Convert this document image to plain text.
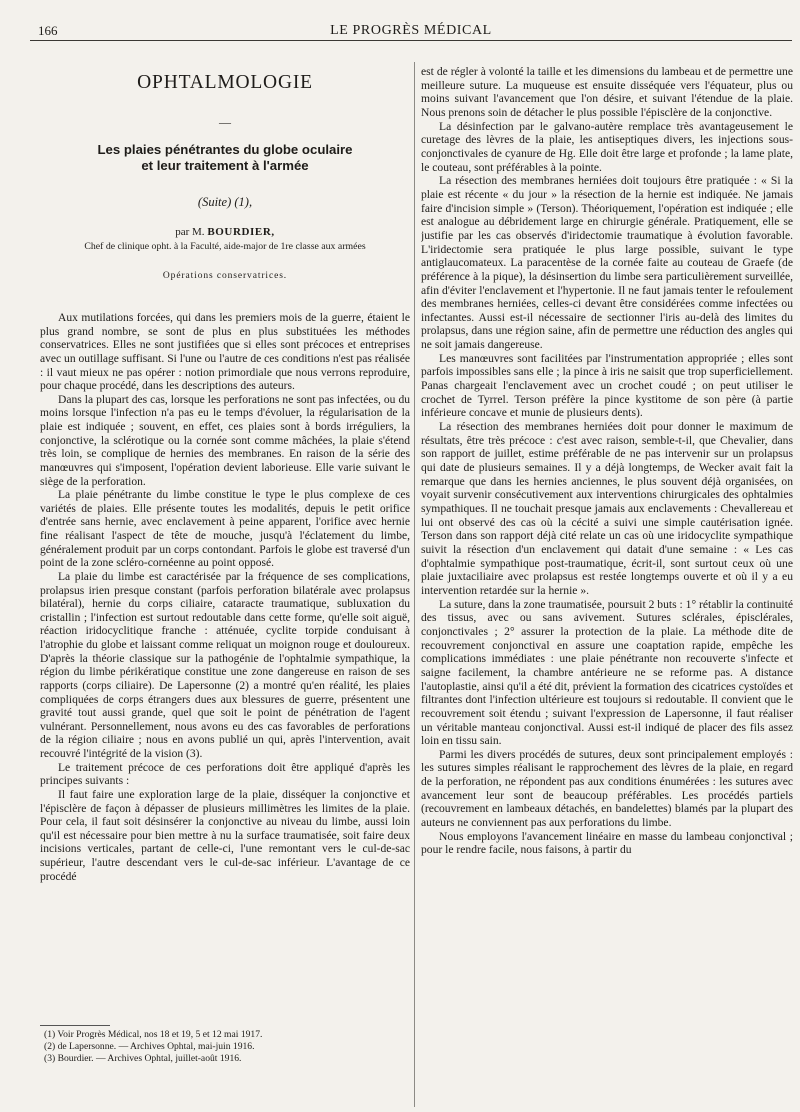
166	LE PROGRÈS MÉDICAL
OPHTALMOLOGIE
—
Les plaies pénétrantes du globe oculaire
et leur traitement à l'armée
(Suite) (1),
par M. BOURDIER,
Chef de clinique opht. à la Faculté, aide-major de 1re classe aux armées
Opérations conservatrices.

Aux mutilations forcées, qui dans les premiers mois de la guerre, étaient le plus grand nombre, se sont de plus en plus substituées les méthodes conservatrices. Elles ne sont justifiées que si elles sont précoces et entreprises avec un outillage suffisant. Si l'une ou l'autre de ces conditions n'est pas réalisée : il vaut mieux ne pas opérer : notion primordiale que nous verrons reproduire, pour chaque procédé, dans les descriptions des auteurs.

Dans la plupart des cas, lorsque les perforations ne sont pas infectées, ou du moins lorsque l'infection n'a pas eu le temps d'évoluer, la régularisation de la plaie est indiquée ; souvent, en effet, ces plaies sont à bords irréguliers, la conjonctive, la sclérotique ou la cornée sont comme mâchées, la plaie s'étend très loin, se complique de hernies des membranes. En raison de la série des manœuvres qui s'imposent, l'opération devient laborieuse. Elle varie suivant le siège de la perforation.

La plaie pénétrante du limbe constitue le type le plus complexe de ces variétés de plaies. Elle présente toutes les modalités, depuis le petit orifice d'entrée sans hernie, avec enclavement à peine apparent, l'orifice avec hernie fine réalisant l'aspect de tête de mouche, jusqu'à l'éclatement du limbe, généralement produit par un corps contondant. Parfois le globe est traversé d'un point de la zone scléro-cornéenne au point opposé.

La plaie du limbe est caractérisée par la fréquence de ses complications, prolapsus irien presque constant (parfois perforation bilatérale avec prolapsus bilatéral), hernie du corps ciliaire, cataracte traumatique, subluxation du cristallin ; l'infection est surtout redoutable dans cette forme, qu'elle soit aiguë, réaction iridocyclitique franche : atténuée, cyclite torpide conduisant à l'atrophie du globe et laissant comme reliquat un moignon rouge et douloureux. D'après la théorie classique sur la pathogénie de l'ophtalmie sympathique, la région du limbe périkératique constitue une zone dangereuse en raison de ses rapports (corps ciliaire). De Lapersonne (2) a montré qu'en réalité, les plaies compliquées de corps étrangers dues aux blessures de guerre, présentent une gravité tout aussi grande, quel que soit le point de pénétration de l'agent vulnérant. Personnellement, nous avons eu des cas favorables de perforations de la région ciliaire ; nous en avons publié un qui, après l'intervention, avait recouvré l'intégrité de la vision (3).

Le traitement précoce de ces perforations doit être appliqué d'après les principes suivants :

Il faut faire une exploration large de la plaie, disséquer la conjonctive et l'épisclère de façon à dépasser de plusieurs millimètres les limites de la plaie. Pour cela, il faut soit désinsérer la conjonctive au niveau du limbe, aussi loin qu'il est nécessaire pour bien mettre à nu la surface traumatisée, soit faire deux incisions verticales, partant de celle-ci, l'une remontant vers le cul-de-sac supérieur, l'autre descendant vers le cul-de-sac inférieur. L'avantage de ce procédé

est de régler à volonté la taille et les dimensions du lambeau et de permettre une meilleure suture. La muqueuse est ensuite disséquée vers l'équateur, plus ou moins suivant l'avancement que l'on désire, et suivant l'étendue de la plaie. Nous prenons soin de détacher le plus possible l'épisclère de la conjonctive.

La désinfection par le galvano-autère remplace très avantageusement le curetage des lèvres de la plaie, les antiseptiques divers, les injections sous-conjonctivales de cyanure de Hg. Elle doit être large et profonde ; la lame plate, le couteau, sont préférables à la pointe.

La résection des membranes herniées doit toujours être pratiquée : « Si la plaie est récente « du jour » la résection de la hernie est indiquée. Ne jamais faire d'incision simple » (Terson). Théoriquement, l'opération est indiquée ; elle est analogue au débridement large en chirurgie générale. Pratiquement, elle se justifie par les cas observés d'iridectomie traumatique à évolution favorable. L'iridectomie sera pratiquée le plus large possible, suivant le type antiglaucomateux. La paracentèse de la cornée faite au couteau de Graefe (de préférence à la pique), la désinsertion du limbe sera particulièrement surveillée, afin d'éviter l'enclavement et l'hypertonie. Il ne faut jamais tenter le refoulement des membranes herniées, celles-ci devant être considérées comme infectées ou infectantes. Aussi est-il nécessaire de sectionner l'iris au-delà des limites du prolapsus, dans une région saine, afin de permettre une réduction des angles qui ne soit jamais dangereuse.

Les manœuvres sont facilitées par l'instrumentation appropriée ; elles sont parfois impossibles sans elle ; la pince à iris ne saisit que trop superficiellement. Panas chargeait l'enclavement avec un crochet coudé ; on peut utiliser le crochet de Tyrrel. Terson préfère la pince kystitome de son père (à partie inférieure concave et munie de plusieurs dents).

La résection des membranes herniées doit pour donner le maximum de résultats, être très précoce : c'est avec raison, semble-t-il, que Chevalier, dans son rapport de juillet, estime préférable de ne pas intervenir sur un prolapsus qui date de plusieurs semaines. Il y a déjà longtemps, de Wecker avait fait la remarque que dans les hernies anciennes, le plus souvent déjà organisées, on voyait survenir consécutivement aux interventions chirurgicales des ophtalmies sympathiques. Il ne touchait presque jamais aux enclavements : Chevallereau et lui ont observé des cas où la cécité a suivi une simple cautérisation ignée. Terson dans son rapport déjà cité relate un cas où une iridocyclite sympathique suivit la résection d'un enclavement qui datait d'une semaine : « Les cas d'ophtalmie sympathique post-traumatique, écrit-il, sont surtout ceux où une plaie juxtaciliaire avec prolapsus est restée longtemps ouverte et où il y a eu intervention retardée sur la hernie ».

La suture, dans la zone traumatisée, poursuit 2 buts : 1° rétablir la continuité des tissus, avec ou sans avivement. Sutures sclérales, épisclérales, conjonctivales ; 2° assurer la protection de la plaie. La méthode dite de recouvrement conjonctival en assure une coaptation rapide, empêche les complications immédiates : une plaie pénétrante non recouverte s'infecte et saigne facilement, la chambre antérieure ne se reforme pas. A distance l'autoplastie, ainsi qu'il a été dit, prévient la formation des cicatrices cystoïdes et filtrantes dont l'infection ultérieure est toujours si redoutable. Il convient que le recouvrement soit étendu ; suivant l'expression de Lapersonne, il faut réaliser un véritable manteau conjonctival. Aussi est-il indiqué de placer des fils assez loin en tissu sain.

Parmi les divers procédés de sutures, deux sont principalement employés : les sutures simples réalisant le rapprochement des lèvres de la plaie, en regard de la perforation, ne répondent pas aux conditions énumérées : les sutures avec avancement leur sont de beaucoup préférables. Les procédés partiels (recouvrement en lambeaux détachés, en bandelettes) blamés par la plupart des auteurs ne conviennent pas aux perforations du limbe.

Nous employons l'avancement linéaire en masse du lambeau conjonctival ; pour le rendre facile, nous faisons, à partir du

(1) Voir Progrès Médical, nos 18 et 19, 5 et 12 mai 1917.
(2) de Lapersonne. — Archives Ophtal, mai-juin 1916.
(3) Bourdier. — Archives Ophtal, juillet-août 1916.
